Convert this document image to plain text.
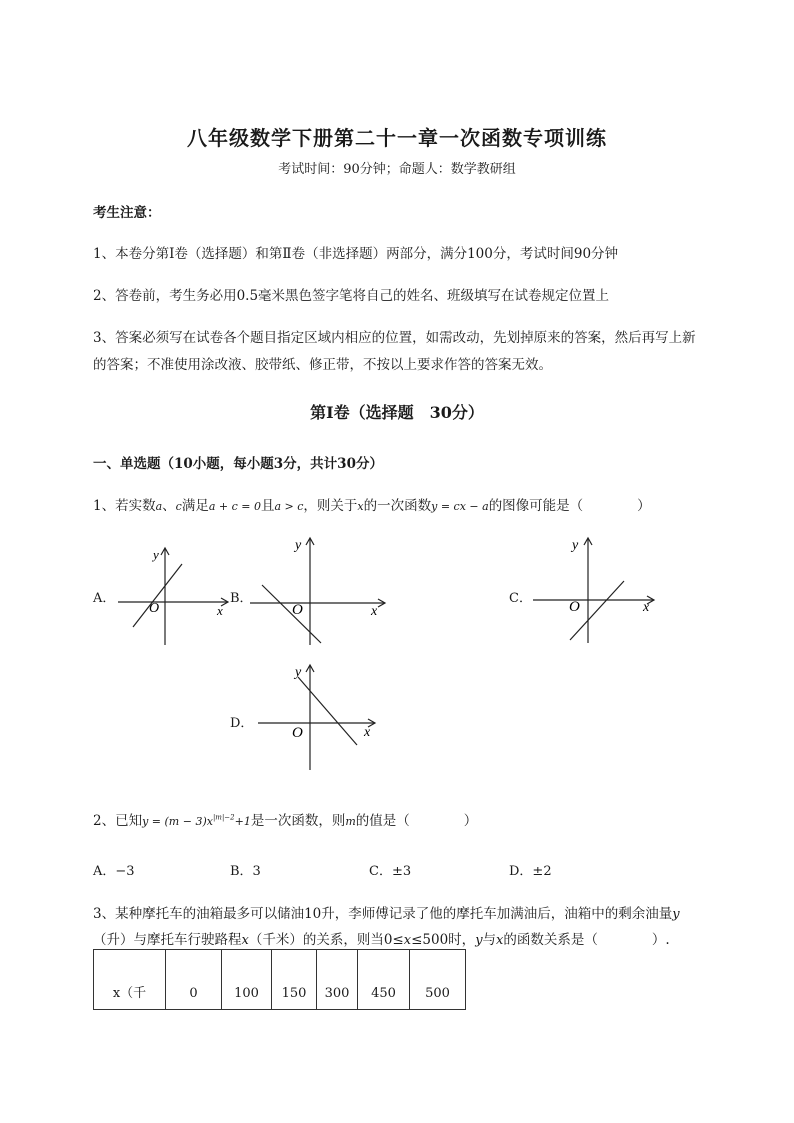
八年级数学下册第二十一章一次函数专项训练
考试时间：90分钟；命题人：数学教研组
考生注意：
1、本卷分第I卷（选择题）和第Ⅱ卷（非选择题）两部分，满分100分，考试时间90分钟
2、答卷前，考生务必用0.5毫米黑色签字笔将自己的姓名、班级填写在试卷规定位置上
3、答案必须写在试卷各个题目指定区域内相应的位置，如需改动，先划掉原来的答案，然后再写上新
的答案；不准使用涂改液、胶带纸、修正带，不按以上要求作答的答案无效。
第I卷（选择题　30分）
一、单选题（10小题，每小题3分，共计30分）
1、若实数a、c满足a + c = 0且a > c，则关于x的一次函数y = cx − a的图像可能是（　　　　）
A．
y
x
O
B．
y
x
O
C．
y
x
O
D．
y
x
O
2、已知$y = (m - 3)x^{|m|-2}+1$是一次函数，则m的值是（　　　　）
A．−3	B．3	C．±3	D．±2
3、某种摩托车的油箱最多可以储油10升，李师傅记录了他的摩托车加满油后，油箱中的剩余油量y
（升）与摩托车行驶路程x（千米）的关系，则当0≤x≤500时，y与x的函数关系是（　　　　）.
x（千	0	100	150	300	450	500
